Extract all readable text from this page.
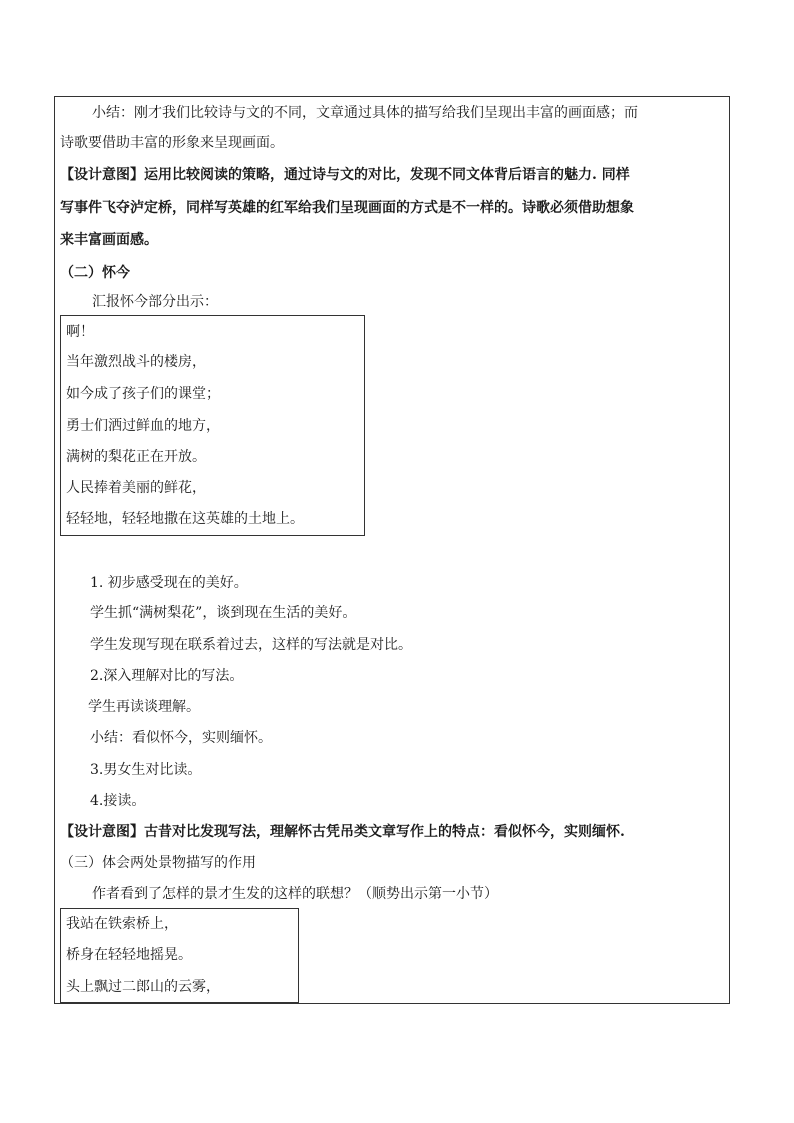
小结：刚才我们比较诗与文的不同，文章通过具体的描写给我们呈现出丰富的画面感；而
诗歌要借助丰富的形象来呈现画面。
【设计意图】运用比较阅读的策略，通过诗与文的对比，发现不同文体背后语言的魅力. 同样
写事件飞夺泸定桥，同样写英雄的红军给我们呈现画面的方式是不一样的。诗歌必须借助想象
来丰富画面感。
（二）怀今
汇报怀今部分出示：
啊！
当年激烈战斗的楼房，
如今成了孩子们的课堂；
勇士们洒过鲜血的地方，
满树的梨花正在开放。
人民捧着美丽的鲜花，
轻轻地，轻轻地撒在这英雄的土地上。
1. 初步感受现在的美好。
学生抓“满树梨花”，谈到现在生活的美好。
学生发现写现在联系着过去，这样的写法就是对比。
2.深入理解对比的写法。
学生再读谈理解。
小结：看似怀今，实则缅怀。
3.男女生对比读。
4.接读。
【设计意图】古昔对比发现写法，理解怀古凭吊类文章写作上的特点：看似怀今，实则缅怀.
（三）体会两处景物描写的作用
作者看到了怎样的景才生发的这样的联想？（顺势出示第一小节）
我站在铁索桥上，
桥身在轻轻地摇晃。
头上飘过二郎山的云雾，
